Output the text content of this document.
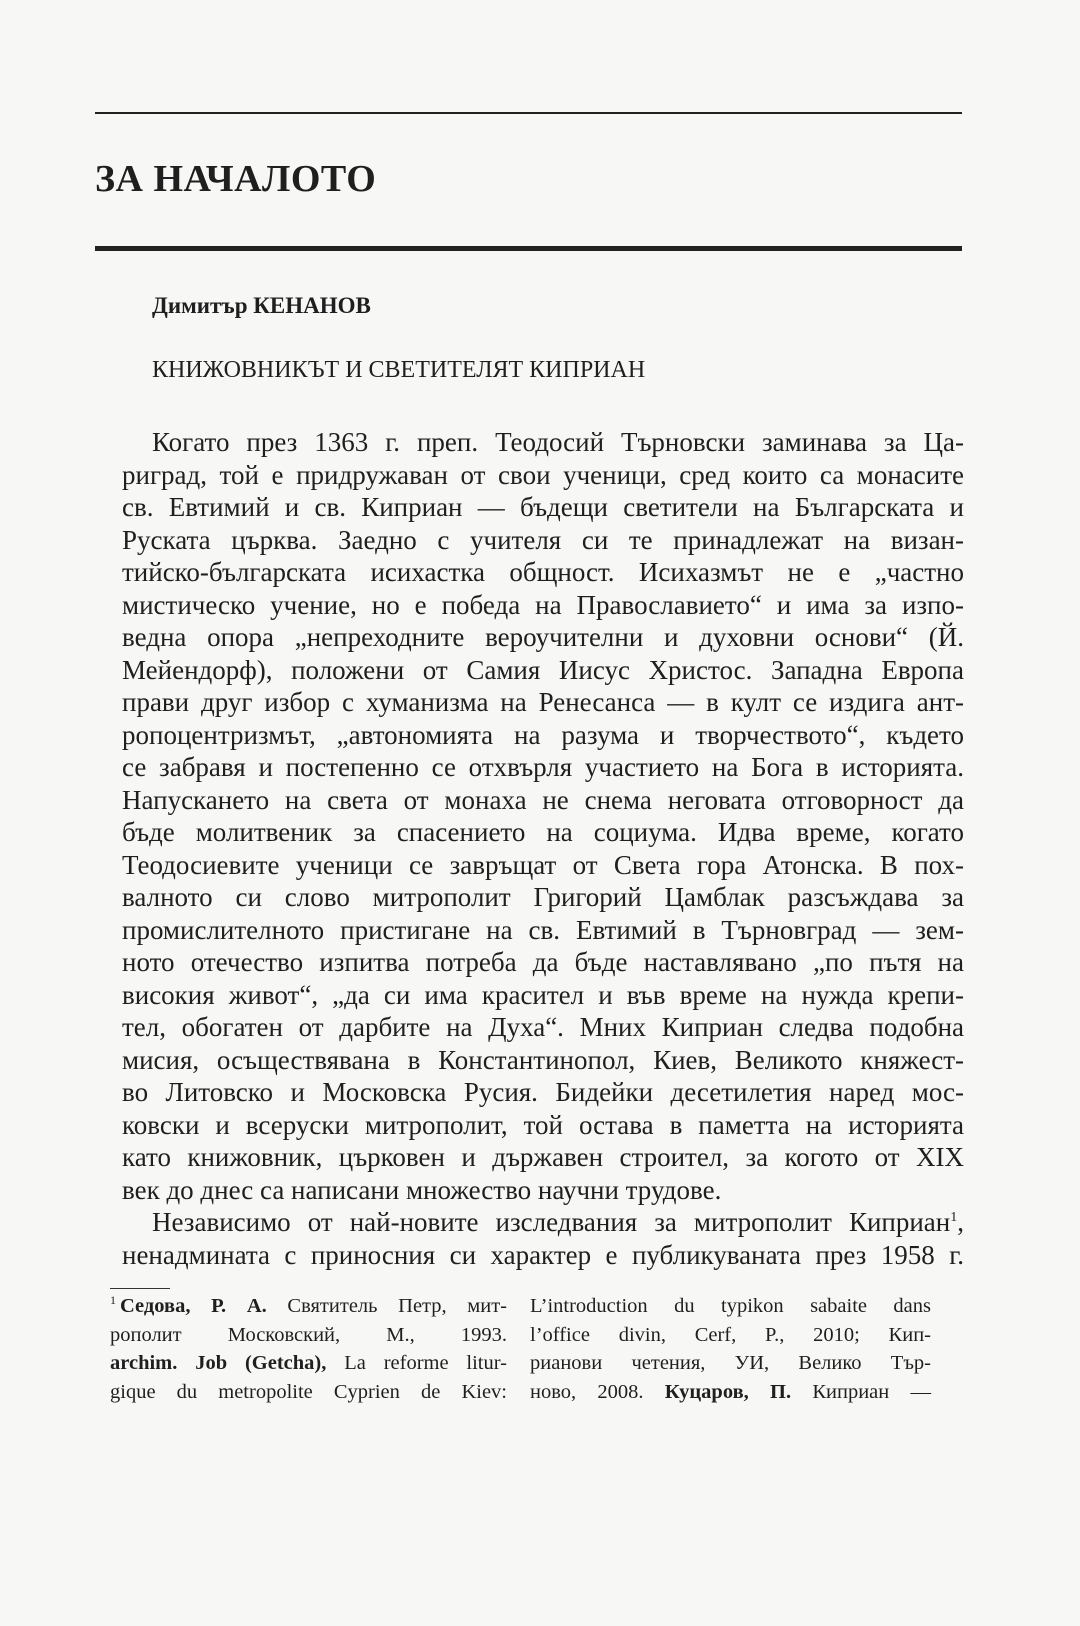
ЗА НАЧАЛОТО
Димитър КЕНАНОВ
КНИЖОВНИКЪТ И СВЕТИТЕЛЯТ КИПРИАН
Когато през 1363 г. преп. Теодосий Търновски заминава за Ца-
риград, той е придружаван от свои ученици, сред които са монасите
св. Евтимий и св. Киприан — бъдещи светители на Българската и
Руската църква. Заедно с учителя си те принадлежат на визан-
тийско-българската исихастка общност. Исихазмът не е „частно
мистическо учение, но е победа на Православието“ и има за изпо-
ведна опора „непреходните вероучителни и духовни основи“ (Й.
Мейендорф), положени от Самия Иисус Христос. Западна Европа
прави друг избор с хуманизма на Ренесанса — в култ се издига ант-
ропоцентризмът, „автономията на разума и творчеството“, където
се забравя и постепенно се отхвърля участието на Бога в историята.
Напускането на света от монаха не снема неговата отговорност да
бъде молитвеник за спасението на социума. Идва време, когато
Теодосиевите ученици се завръщат от Света гора Атонска. В пох-
валното си слово митрополит Григорий Цамблак разсъждава за
промислителното пристигане на св. Евтимий в Търновград — зем-
ното отечество изпитва потреба да бъде наставлявано „по пътя на
високия живот“, „да си има красител и във време на нужда крепи-
тел, обогатен от дарбите на Духа“. Мних Киприан следва подобна
мисия, осъществявана в Константинопол, Киев, Великото княжест-
во Литовско и Московска Русия. Бидейки десетилетия наред мос-
ковски и всеруски митрополит, той остава в паметта на историята
като книжовник, църковен и държавен строител, за когото от XIX
век до днес са написани множество научни трудове.
Независимо от най-новите изследвания за митрополит Киприан$^1$,
ненадмината с приносния си характер е публикуваната през 1958 г.
$^1$ Седова, Р. А. Святитель Петр, мит-
рополит Московский, М., 1993.
archim. Job (Getcha), La reforme litur-
gique du metropolite Cyprien de Kiev:
L’introduction du typikon sabaite dans
l’office divin, Cerf, P., 2010; Кип-
рианови четения, УИ, Велико Тър-
ново, 2008. Куцаров, П. Киприан —
